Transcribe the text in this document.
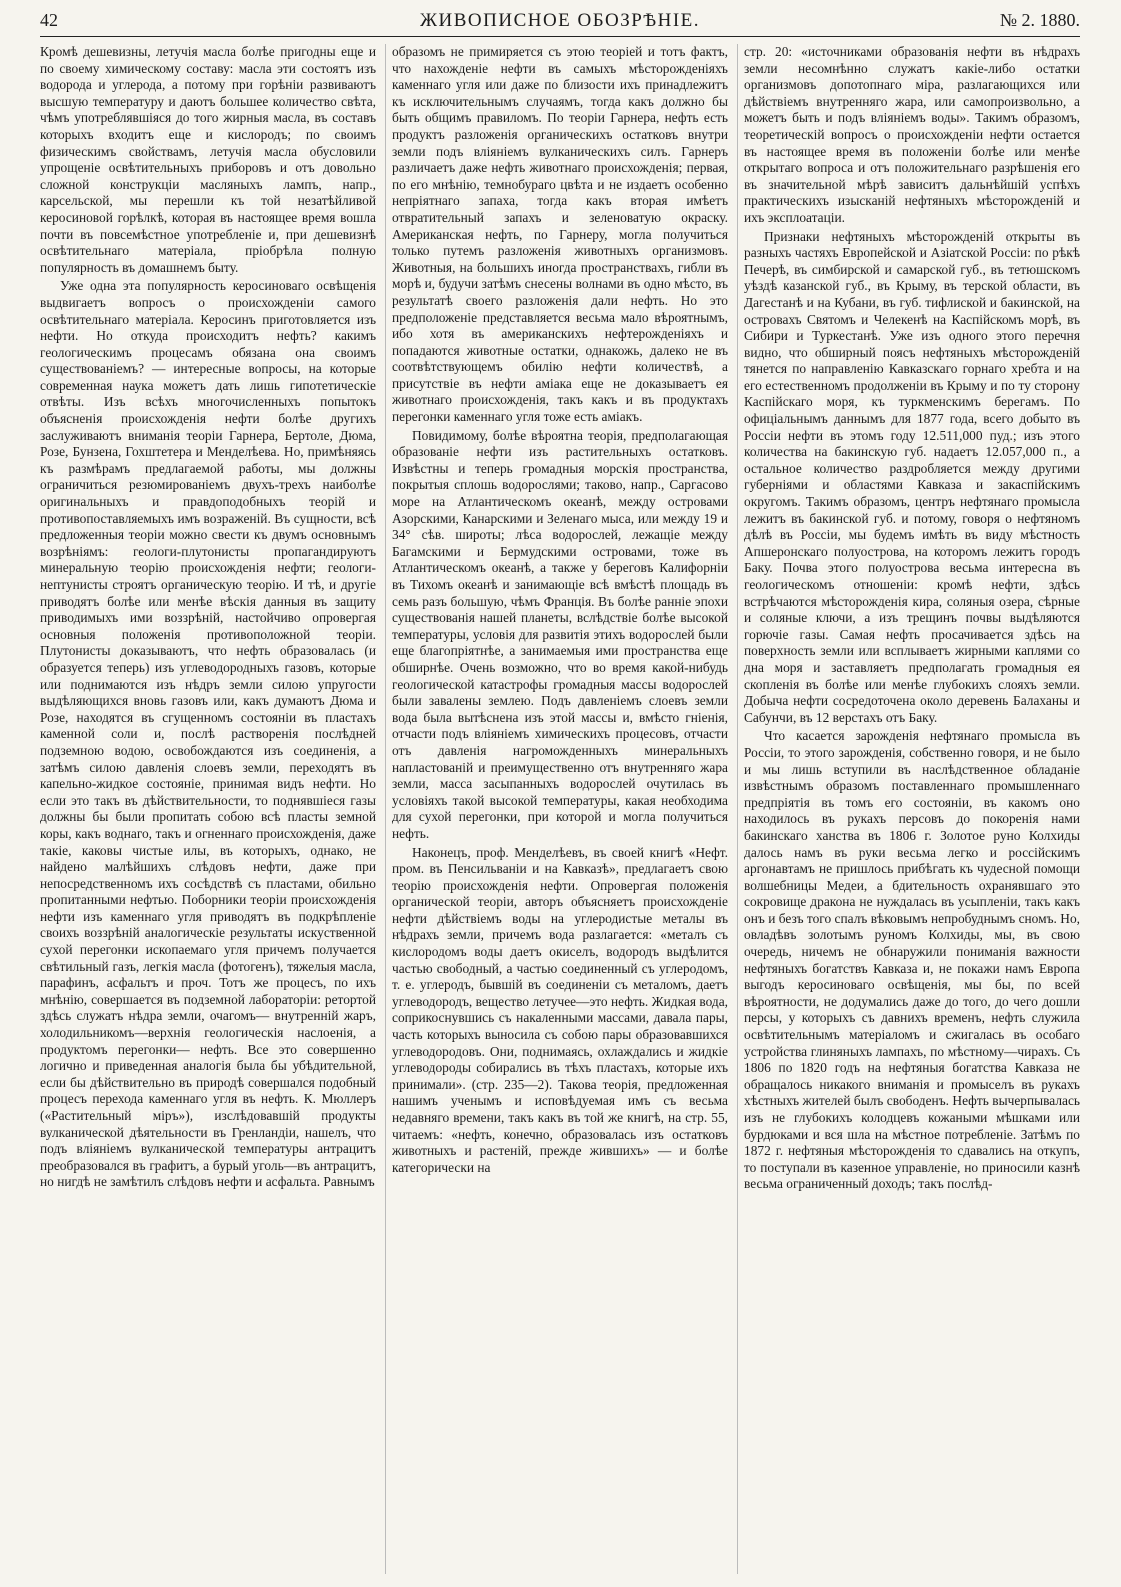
42	ЖИВОПИСНОЕ ОБОЗРѢНІЕ.	№ 2. 1880.

Кромѣ дешевизны, летучія масла болѣе пригодны еще и по своему химическому составу: масла эти состоятъ изъ водорода и углерода, а потому при горѣніи развиваютъ высшую температуру и даютъ большее количество свѣта, чѣмъ употреблявшіяся до того жирныя масла, въ составъ которыхъ входитъ еще и кислородъ; по своимъ физическимъ свойствамъ, летучія масла обусловили упрощеніе освѣтительныхъ приборовъ и отъ довольно сложной конструкціи масляныхъ лампъ, напр., карсельской, мы перешли къ той незатѣйливой керосиновой горѣлкѣ, которая въ настоящее время вошла почти въ повсемѣстное употребленіе и, при дешевизнѣ освѣтительнаго матеріала, пріобрѣла полную популярность въ домашнемъ быту.

Уже одна эта популярность керосиноваго освѣщенія выдвигаетъ вопросъ о происхожденіи самого освѣтительнаго матеріала. Керосинъ приготовляется изъ нефти. Но откуда происходитъ нефть? какимъ геологическимъ процесамъ обязана она своимъ существованіемъ? — интересные вопросы, на которые современная наука можетъ дать лишь гипотетическіе отвѣты. Изъ всѣхъ многочисленныхъ попытокъ объясненія происхожденія нефти болѣе другихъ заслуживаютъ вниманія теоріи Гарнера, Бертоле, Дюма, Розе, Бунзена, Гохштетера и Менделѣева. Но, примѣняясь къ размѣрамъ предлагаемой работы, мы должны ограничиться резюмированіемъ двухъ-трехъ наиболѣе оригинальныхъ и правдоподобныхъ теорій и противопоставляемыхъ имъ возраженій. Въ сущности, всѣ предложенныя теоріи можно свести къ двумъ основнымъ возрѣніямъ: геологи-плутонисты пропагандируютъ минеральную теорію происхожденія нефти; геологи-нептунисты строятъ органическую теорію. И тѣ, и другіе приводятъ болѣе или менѣе вѣскія данныя въ защиту приводимыхъ ими воззрѣній, настойчиво опровергая основныя положенія противоположной теоріи. Плутонисты доказываютъ, что нефть образовалась (и образуется теперь) изъ углеводородныхъ газовъ, которые или поднимаются изъ нѣдръ земли силою упругости выдѣляющихся вновь газовъ или, какъ думаютъ Дюма и Розе, находятся въ сгущенномъ состояніи въ пластахъ каменной соли и, послѣ растворенія послѣдней подземною водою, освобождаются изъ соединенія, а затѣмъ силою давленія слоевъ земли, переходятъ въ капельно-жидкое состояніе, принимая видъ нефти. Но если это такъ въ дѣйствительности, то поднявшіеся газы должны бы были пропитать собою всѣ пласты земной коры, какъ воднаго, такъ и огненнаго происхожденія, даже такіе, каковы чистые илы, въ которыхъ, однако, не найдено малѣйшихъ слѣдовъ нефти, даже при непосредственномъ ихъ сосѣдствѣ съ пластами, обильно пропитанными нефтью. Поборники теоріи происхожденія нефти изъ каменнаго угля приводятъ въ подкрѣпленіе своихъ воззрѣній аналогическіе результаты искуственной сухой перегонки ископаемаго угля причемъ получается свѣтильный газъ, легкія масла (фотогенъ), тяжелыя масла, парафинъ, асфальтъ и проч. Тотъ же процесъ, по ихъ мнѣнію, совершается въ подземной лабораторіи: ретортой здѣсь служатъ нѣдра земли, очагомъ— внутренній жаръ, холодильникомъ—верхнія геологическія наслоенія, а продуктомъ перегонки— нефть. Все это совершенно логично и приведенная аналогія была бы убѣдительной, если бы дѣйствительно въ природѣ совершался подобный процесъ перехода каменнаго угля въ нефть. К. Мюллеръ («Растительный міръ»), изслѣдовавшій продукты вулканической дѣятельности въ Гренландіи, нашелъ, что подъ вліяніемъ вулканической температуры антрацитъ преобразовался въ графитъ, а бурый уголь—въ антрацитъ, но нигдѣ не замѣтилъ слѣдовъ нефти и асфальта. Равнымъ

образомъ не примиряется съ этою теоріей и тотъ фактъ, что нахожденіе нефти въ самыхъ мѣсторожденіяхъ каменнаго угля или даже по близости ихъ принадлежитъ къ исключительнымъ случаямъ, тогда какъ должно бы быть общимъ правиломъ. По теоріи Гарнера, нефть есть продуктъ разложенія органическихъ остатковъ внутри земли подъ вліяніемъ вулканическихъ силъ. Гарнеръ различаетъ даже нефть животнаго происхожденія; первая, по его мнѣнію, темнобураго цвѣта и не издаетъ особенно непріятнаго запаха, тогда какъ вторая имѣетъ отвратительный запахъ и зеленоватую окраску. Американская нефть, по Гарнеру, могла получиться только путемъ разложенія животныхъ организмовъ. Животныя, на большихъ иногда пространствахъ, гибли въ морѣ и, будучи затѣмъ снесены волнами въ одно мѣсто, въ результатѣ своего разложенія дали нефть. Но это предположеніе представляется весьма мало вѣроятнымъ, ибо хотя въ американскихъ нефтерожденіяхъ и попадаются животные остатки, однакожь, далеко не въ соотвѣтствующемъ обилію нефти количествѣ, а присутствіе въ нефти аміака еще не доказываетъ ея животнаго происхожденія, такъ какъ и въ продуктахъ перегонки каменнаго угля тоже есть аміакъ.

Повидимому, болѣе вѣроятна теорія, предполагающая образованіе нефти изъ растительныхъ остатковъ. Извѣстны и теперь громадныя морскія пространства, покрытыя сплошь водорослями; таково, напр., Саргасово море на Атлантическомъ океанѣ, между островами Азорскими, Канарскими и Зеленаго мыса, или между 19 и 34° сѣв. широты; лѣса водорослей, лежащіе между Багамскими и Бермудскими островами, тоже въ Атлантическомъ океанѣ, а также у береговъ Калифорніи въ Тихомъ океанѣ и занимающіе всѣ вмѣстѣ площадь въ семь разъ большую, чѣмъ Франція. Въ болѣе ранніе эпохи существованія нашей планеты, вслѣдствіе болѣе высокой температуры, условія для развитія этихъ водорослей были еще благопріятнѣе, а занимаемыя ими пространства еще обширнѣе. Очень возможно, что во время какой-нибудь геологической катастрофы громадныя массы водорослей были завалены землею. Подъ давленіемъ слоевъ земли вода была вытѣснена изъ этой массы и, вмѣсто гніенія, отчасти подъ вліяніемъ химическихъ процесовъ, отчасти отъ давленія нагроможденныхъ минеральныхъ напластованій и преимущественно отъ внутренняго жара земли, масса засыпанныхъ водорослей очутилась въ условіяхъ такой высокой температуры, какая необходима для сухой перегонки, при которой и могла получиться нефть.

Наконецъ, проф. Менделѣевъ, въ своей книгѣ «Нефт. пром. въ Пенсильваніи и на Кавказѣ», предлагаетъ свою теорію происхожденія нефти. Опровергая положенія органической теоріи, авторъ объясняетъ происхожденіе нефти дѣйствіемъ воды на углеродистые металы въ нѣдрахъ земли, причемъ вода разлагается: «металъ съ кислородомъ воды даетъ окиселъ, водородъ выдѣлится частью свободный, а частью соединенный съ углеродомъ, т. е. углеродъ, бывшій въ соединеніи съ металомъ, даетъ углеводородъ, вещество летучее—это нефть. Жидкая вода, соприкоснувшись съ накаленными массами, давала пары, часть которыхъ выносила съ собою пары образовавшихся углеводородовъ. Они, поднимаясь, охлаждались и жидкіе углеводороды собирались въ тѣхъ пластахъ, которые ихъ принимали». (стр. 235—2). Такова теорія, предложенная нашимъ ученымъ и исповѣдуемая имъ съ весьма недавняго времени, такъ какъ въ той же книгѣ, на стр. 55, читаемъ: «нефть, конечно, образовалась изъ остатковъ животныхъ и растеній, прежде жившихъ» — и болѣе категорически на

стр. 20: «источниками образованія нефти въ нѣдрахъ земли несомнѣнно служатъ какіе-либо остатки организмовъ допотопнаго міра, разлагающихся или дѣйствіемъ внутренняго жара, или самопроизвольно, а можетъ быть и подъ вліяніемъ воды». Такимъ образомъ, теоретическій вопросъ о происхожденіи нефти остается въ настоящее время въ положеніи болѣе или менѣе открытаго вопроса и отъ положительнаго разрѣшенія его въ значительной мѣрѣ зависитъ дальнѣйшій успѣхъ практическихъ изысканій нефтяныхъ мѣсторожденій и ихъ эксплоатаціи.

Признаки нефтяныхъ мѣсторожденій открыты въ разныхъ частяхъ Европейской и Азіатской Россіи: по рѣкѣ Печерѣ, въ симбирской и самарской губ., въ тетюшскомъ уѣздѣ казанской губ., въ Крыму, въ терской области, въ Дагестанѣ и на Кубани, въ губ. тифлиской и бакинской, на островахъ Святомъ и Челекенѣ на Каспійскомъ морѣ, въ Сибири и Туркестанѣ. Уже изъ одного этого перечня видно, что обширный поясъ нефтяныхъ мѣсторожденій тянется по направленію Кавказскаго горнаго хребта и на его естественномъ продолженіи въ Крыму и по ту сторону Каспійскаго моря, къ туркменскимъ берегамъ. По офиціальнымъ даннымъ для 1877 года, всего добыто въ Россіи нефти въ этомъ году 12.511,000 пуд.; изъ этого количества на бакинскую губ. надаетъ 12.057,000 п., а остальное количество раздробляется между другими губерніями и областями Кавказа и закаспійскимъ округомъ. Такимъ образомъ, центръ нефтянаго промысла лежитъ въ бакинской губ. и потому, говоря о нефтяномъ дѣлѣ въ Россіи, мы будемъ имѣть въ виду мѣстность Апшеронскаго полуострова, на которомъ лежитъ городъ Баку. Почва этого полуострова весьма интересна въ геологическомъ отношеніи: кромѣ нефти, здѣсь встрѣчаются мѣсторожденія кира, соляныя озера, сѣрные и соляные ключи, а изъ трещинъ почвы выдѣляются горючіе газы. Самая нефть просачивается здѣсь на поверхность земли или всплываетъ жирными каплями со дна моря и заставляетъ предполагать громадныя ея скопленія въ болѣе или менѣе глубокихъ слояхъ земли. Добыча нефти сосредоточена около деревень Балаханы и Сабунчи, въ 12 верстахъ отъ Баку.

Что касается зарожденія нефтянаго промысла въ Россіи, то этого зарожденія, собственно говоря, и не было и мы лишь вступили въ наслѣдственное обладаніе извѣстнымъ образомъ поставленнаго промышленнаго предпріятія въ томъ его состояніи, въ какомъ оно находилось въ рукахъ персовъ до покоренія нами бакинскаго ханства въ 1806 г. Золотое руно Колхиды далось намъ въ руки весьма легко и россійскимъ аргонавтамъ не пришлось прибѣгать къ чудесной помощи волшебницы Медеи, а бдительность охранявшаго это сокровище дракона не нуждалась въ усыпленіи, такъ какъ онъ и безъ того спалъ вѣковымъ непробуднымъ сномъ. Но, овладѣвъ золотымъ руномъ Колхиды, мы, въ свою очередь, ничемъ не обнаружили пониманія важности нефтяныхъ богатствъ Кавказа и, не покажи намъ Европа выгодъ керосиноваго освѣщенія, мы бы, по всей вѣроятности, не додумались даже до того, до чего дошли персы, у которыхъ съ давнихъ временъ, нефть служила освѣтительнымъ матеріаломъ и сжигалась въ особаго устройства глиняныхъ лампахъ, по мѣстному—чирахъ. Съ 1806 по 1820 годъ на нефтяныя богатства Кавказа не обращалось никакого вниманія и промыселъ въ рукахъ хѣстныхъ жителей былъ свободенъ. Нефть вычерпывалась изъ не глубокихъ колодцевъ кожаными мѣшками или бурдюками и вся шла на мѣстное потребленіе. Затѣмъ по 1872 г. нефтяныя мѣсторожденія то сдавались на откупъ, то поступали въ казенное управленіе, но приносили казнѣ весьма ограниченный доходъ; такъ послѣд-
